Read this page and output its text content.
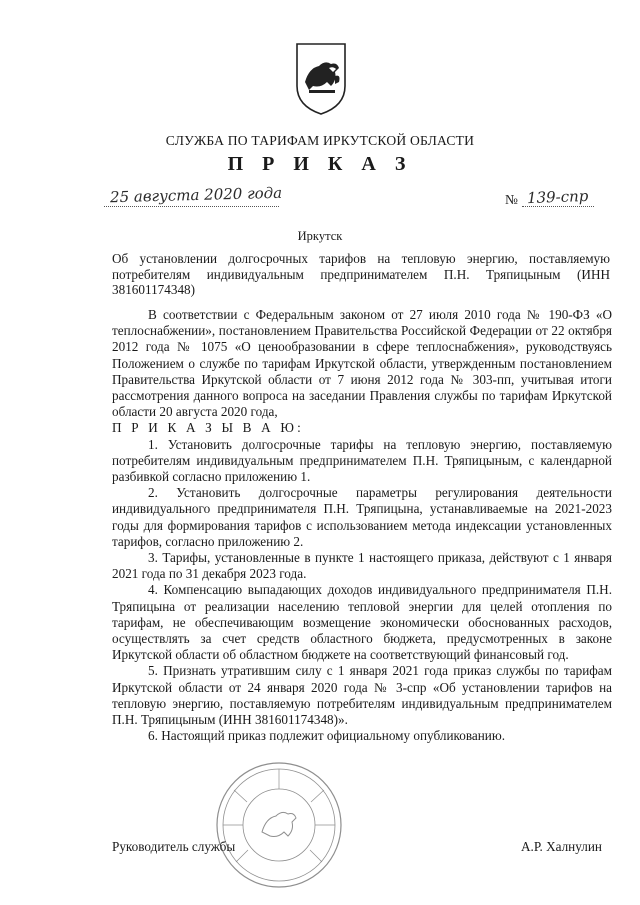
СЛУЖБА ПО ТАРИФАМ ИРКУТСКОЙ ОБЛАСТИ
П Р И К А З
25 августа 2020 года	№ 139-спр
Иркутск
Об установлении долгосрочных тарифов на тепловую энергию, поставляемую потребителям индивидуальным предпринимателем П.Н. Тряпицыным (ИНН 381601174348)

В соответствии с Федеральным законом от 27 июля 2010 года № 190-ФЗ «О теплоснабжении», постановлением Правительства Российской Федерации от 22 октября 2012 года № 1075 «О ценообразовании в сфере теплоснабжения», руководствуясь Положением о службе по тарифам Иркутской области, утвержденным постановлением Правительства Иркутской области от 7 июня 2012 года № 303-пп, учитывая итоги рассмотрения данного вопроса на заседании Правления службы по тарифам Иркутской области 20 августа 2020 года,

П Р И К А З Ы В А Ю:

1. Установить долгосрочные тарифы на тепловую энергию, поставляемую потребителям индивидуальным предпринимателем П.Н. Тряпицыным, с календарной разбивкой согласно приложению 1.

2. Установить долгосрочные параметры регулирования деятельности индивидуального предпринимателя П.Н. Тряпицына, устанавливаемые на 2021-2023 годы для формирования тарифов с использованием метода индексации установленных тарифов, согласно приложению 2.

3. Тарифы, установленные в пункте 1 настоящего приказа, действуют с 1 января 2021 года по 31 декабря 2023 года.

4. Компенсацию выпадающих доходов индивидуального предпринимателя П.Н. Тряпицына от реализации населению тепловой энергии для целей отопления по тарифам, не обеспечивающим возмещение экономически обоснованных расходов, осуществлять за счет средств областного бюджета, предусмотренных в законе Иркутской области об областном бюджете на соответствующий финансовый год.

5. Признать утратившим силу с 1 января 2021 года приказ службы по тарифам Иркутской области от 24 января 2020 года № 3-спр «Об установлении тарифов на тепловую энергию, поставляемую потребителям индивидуальным предпринимателем П.Н. Тряпицыным (ИНН 381601174348)».

6. Настоящий приказ подлежит официальному опубликованию.

Руководитель службы	А.Р. Халнулин
